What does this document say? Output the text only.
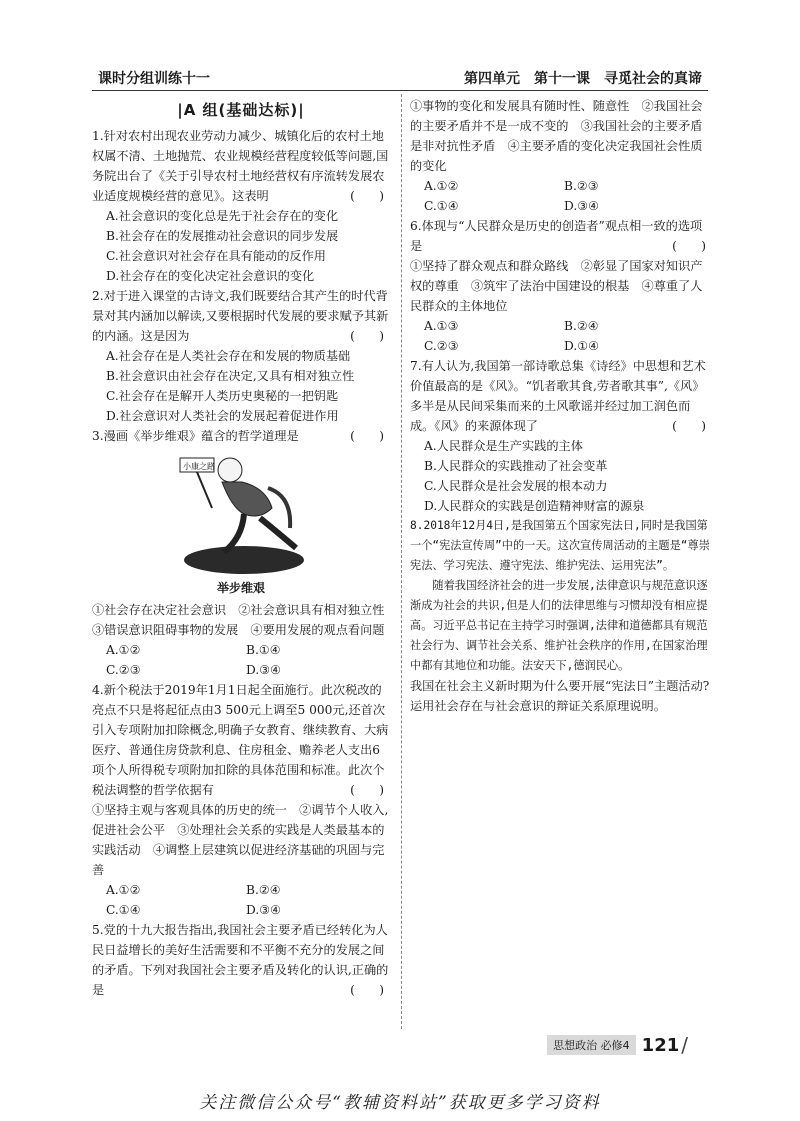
课时分组训练十一	第四单元　第十一课　寻觅社会的真谛
|A 组(基础达标)|
1.针对农村出现农业劳动力减少、城镇化后的农村土地权属不清、土地抛荒、农业规模经营程度较低等问题,国务院出台了《关于引导农村土地经营权有序流转发展农业适度规模经营的意见》。这表明	(　　)
A.社会意识的变化总是先于社会存在的变化
B.社会存在的发展推动社会意识的同步发展
C.社会意识对社会存在具有能动的反作用
D.社会存在的变化决定社会意识的变化
2.对于进入课堂的古诗文,我们既要结合其产生的时代背景对其内涵加以解读,又要根据时代发展的要求赋予其新的内涵。这是因为	(　　)
A.社会存在是人类社会存在和发展的物质基础
B.社会意识由社会存在决定,又具有相对独立性
C.社会存在是解开人类历史奥秘的一把钥匙
D.社会意识对人类社会的发展起着促进作用
3.漫画《举步维艰》蕴含的哲学道理是	(　　)
小康之路
举步维艰
①社会存在决定社会意识　②社会意识具有相对独立性　③错误意识阻碍事物的发展　④要用发展的观点看问题
A.①②	B.①④
C.②③	D.③④
4.新个税法于2019年1月1日起全面施行。此次税改的亮点不只是将起征点由3 500元上调至5 000元,还首次引入专项附加扣除概念,明确子女教育、继续教育、大病医疗、普通住房贷款利息、住房租金、赡养老人支出6项个人所得税专项附加扣除的具体范围和标准。此次个税法调整的哲学依据有	(　　)
①坚持主观与客观具体的历史的统一　②调节个人收入,促进社会公平　③处理社会关系的实践是人类最基本的实践活动　④调整上层建筑以促进经济基础的巩固与完善
A.①②	B.②④
C.①④	D.③④
5.党的十九大报告指出,我国社会主要矛盾已经转化为人民日益增长的美好生活需要和不平衡不充分的发展之间的矛盾。下列对我国社会主要矛盾及转化的认识,正确的是	(　　)
①事物的变化和发展具有随时性、随意性　②我国社会的主要矛盾并不是一成不变的　③我国社会的主要矛盾是非对抗性矛盾　④主要矛盾的变化决定我国社会性质的变化
A.①②	B.②③
C.①④	D.③④
6.体现与“人民群众是历史的创造者”观点相一致的选项是	(　　)
①坚持了群众观点和群众路线　②彰显了国家对知识产权的尊重　③筑牢了法治中国建设的根基　④尊重了人民群众的主体地位
A.①③	B.②④
C.②③	D.①④
7.有人认为,我国第一部诗歌总集《诗经》中思想和艺术价值最高的是《风》。“饥者歌其食,劳者歌其事”,《风》多半是从民间采集而来的土风歌谣并经过加工润色而成。《风》的来源体现了	(　　)
A.人民群众是生产实践的主体
B.人民群众的实践推动了社会变革
C.人民群众是社会发展的根本动力
D.人民群众的实践是创造精神财富的源泉
8.2018年12月4日,是我国第五个国家宪法日,同时是我国第一个“宪法宣传周”中的一天。这次宣传周活动的主题是“尊崇宪法、学习宪法、遵守宪法、维护宪法、运用宪法”。
随着我国经济社会的进一步发展,法律意识与规范意识逐渐成为社会的共识,但是人们的法律思维与习惯却没有相应提高。习近平总书记在主持学习时强调,法律和道德都具有规范社会行为、调节社会关系、维护社会秩序的作用,在国家治理中都有其地位和功能。法安天下,德润民心。
我国在社会主义新时期为什么要开展“宪法日”主题活动?运用社会存在与社会意识的辩证关系原理说明。
思想政治 必修4 121 /
关注微信公众号“教辅资料站”获取更多学习资料
